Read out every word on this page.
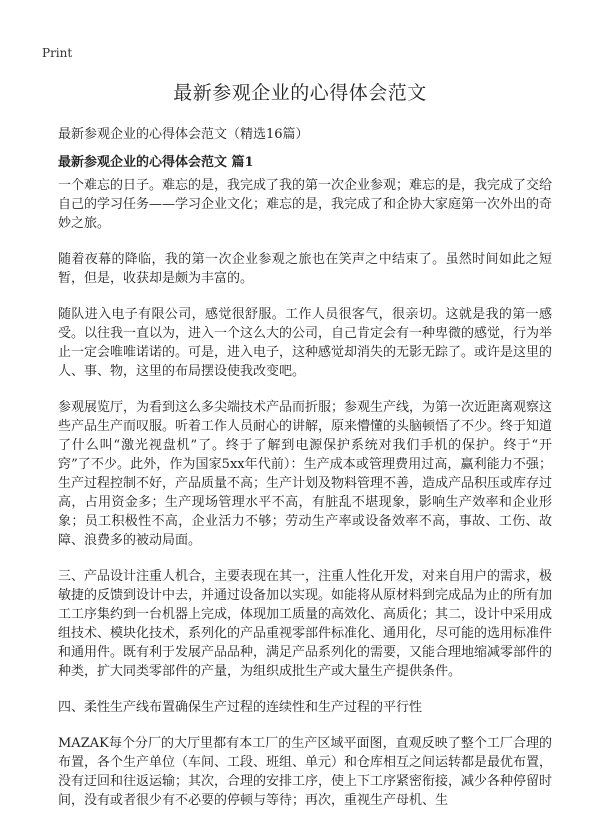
Print
最新参观企业的心得体会范文
最新参观企业的心得体会范文（精选16篇）
最新参观企业的心得体会范文 篇1

一个难忘的日子。难忘的是，我完成了我的第一次企业参观；难忘的是，我完成了交给自己的学习任务——学习企业文化；难忘的是，我完成了和企协大家庭第一次外出的奇妙之旅。

随着夜幕的降临，我的第一次企业参观之旅也在笑声之中结束了。虽然时间如此之短暂，但是，收获却是颇为丰富的。

随队进入电子有限公司，感觉很舒服。工作人员很客气，很亲切。这就是我的第一感受。以往我一直以为，进入一个这么大的公司，自己肯定会有一种卑微的感觉，行为举止一定会唯唯诺诺的。可是，进入电子，这种感觉却消失的无影无踪了。或许是这里的人、事、物，这里的布局摆设使我改变吧。

参观展览厅，为看到这么多尖端技术产品而折服；参观生产线，为第一次近距离观察这些产品生产而叹服。听着工作人员耐心的讲解，原来懵懂的头脑顿悟了不少。终于知道了什么叫“激光视盘机”了。终于了解到电源保护系统对我们手机的保护。终于“开窍”了不少。此外，作为国家5xx年代前）：生产成本或管理费用过高，赢利能力不强；生产过程控制不好，产品质量不高；生产计划及物料管理不善，造成产品积压或库存过高，占用资金多；生产现场管理水平不高，有脏乱不堪现象，影响生产效率和企业形象；员工积极性不高，企业活力不够；劳动生产率或设备效率不高，事故、工伤、故障、浪费多的被动局面。

三、产品设计注重人机合，主要表现在其一，注重人性化开发，对来自用户的需求，极敏捷的反馈到设计中去，并通过设备加以实现。如能将从原材料到完成品为止的所有加工工序集约到一台机器上完成，体现加工质量的高效化、高质化；其二，设计中采用成组技术、模块化技术，系列化的产品重视零部件标准化、通用化，尽可能的选用标准件和通用件。既有利于发展产品品种，满足产品系列化的需要，又能合理地缩减零部件的种类，扩大同类零部件的产量，为组织成批生产或大量生产提供条件。

四、柔性生产线布置确保生产过程的连续性和生产过程的平行性

MAZAK每个分厂的大厅里都有本工厂的生产区域平面图，直观反映了整个工厂合理的布置，各个生产单位（车间、工段、班组、单元）和仓库相互之间运转都是最优布置，没有迂回和往返运输；其次，合理的安排工序，使上下工序紧密衔接，减少各种停留时间，没有或者很少有不必要的停顿与等待；再次，重视生产母机、生
